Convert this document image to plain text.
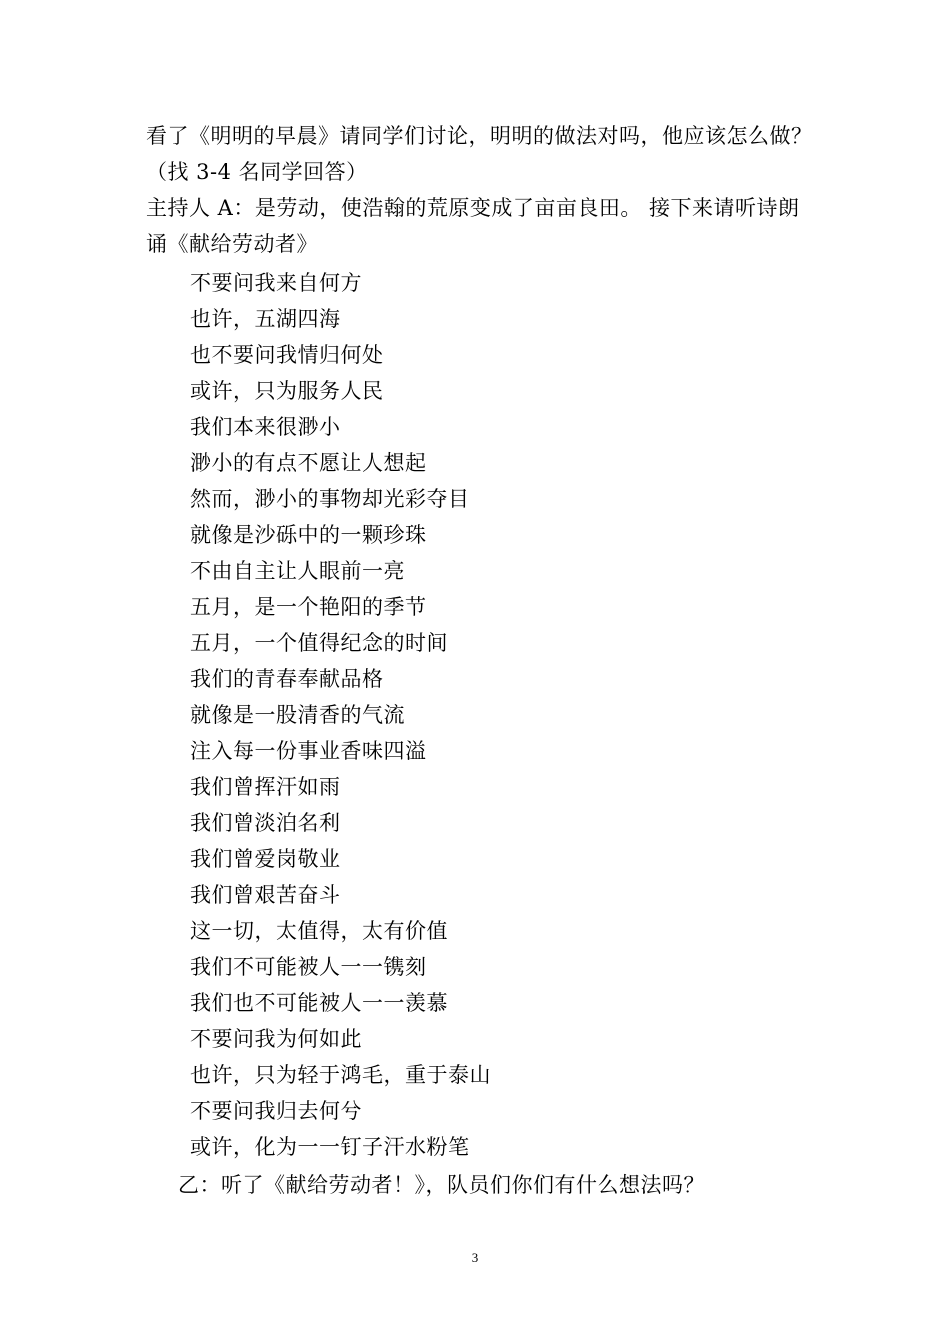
看了《明明的早晨》请同学们讨论，明明的做法对吗，他应该怎么做？
（找 3-4 名同学回答）
主持人 A：是劳动，使浩翰的荒原变成了亩亩良田。 接下来请听诗朗
诵《献给劳动者》
不要问我来自何方
也许，五湖四海
也不要问我情归何处
或许，只为服务人民
我们本来很渺小
渺小的有点不愿让人想起
然而，渺小的事物却光彩夺目
就像是沙砾中的一颗珍珠
不由自主让人眼前一亮
五月，是一个艳阳的季节
五月，一个值得纪念的时间
我们的青春奉献品格
就像是一股清香的气流
注入每一份事业香味四溢
我们曾挥汗如雨
我们曾淡泊名利
我们曾爱岗敬业
我们曾艰苦奋斗
这一切，太值得，太有价值
我们不可能被人一一镌刻
我们也不可能被人一一羡慕
不要问我为何如此
也许，只为轻于鸿毛，重于泰山
不要问我归去何兮
或许，化为一一钉子汗水粉笔
乙：听了《献给劳动者！》，队员们你们有什么想法吗？
3
